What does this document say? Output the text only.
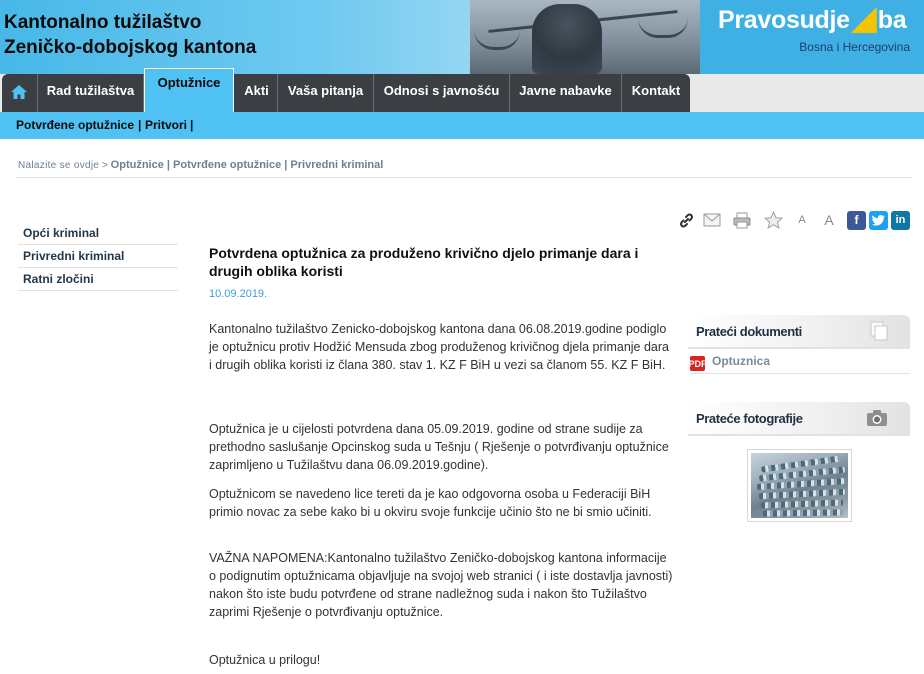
Kantonalno tužilaštvo
Zeničko-dobojskog kantona
Pravosudje ba
Bosna i Hercegovina
Rad tužilaštva
Optužnice
Akti	Vaša pitanja	Odnosi s javnošću	Javne nabavke	Kontakt
Potvrđene optužnice | Pritvori |
Nalazite se ovdje > Optužnice | Potvrđene optužnice | Privredni kriminal
Opći kriminal
Privredni kriminal
Ratni zločini
A	A	f	in
Potvrdena optužnica za produženo krivično djelo primanje dara i drugih oblika koristi
10.09.2019.
Kantonalno tužilaštvo Zenicko-dobojskog kantona dana 06.08.2019.godine podiglo je optužnicu protiv Hodžić Mensuda zbog produženog krivičnog djela primanje dara i drugih oblika koristi iz člana 380. stav 1. KZ F BiH u vezi sa članom 55. KZ F BiH.
Optužnica je u cijelosti potvrdena dana 05.09.2019. godine od strane sudije za prethodno saslušanje Opcinskog suda u Tešnju ( Rješenje o potvrđivanju optužnice zaprimljeno u Tužilaštvu dana 06.09.2019.godine).
Optužnicom se navedeno lice tereti da je kao odgovorna osoba u Federaciji BiH primio novac za sebe kako bi u okviru svoje funkcije učinio što ne bi smio učiniti.
VAŽNA NAPOMENA:Kantonalno tužilaštvo Zeničko-dobojskog kantona informacije o podignutim optužnicama objavljuje na svojoj web stranici ( i iste dostavlja javnosti) nakon što iste budu potvrđene od strane nadležnog suda i nakon što Tužilaštvo zaprimi Rješenje o potvrđivanju optužnice.
Optužnica u prilogu!
Prateći dokumenti
PDF Optuznica
Prateće fotografije
